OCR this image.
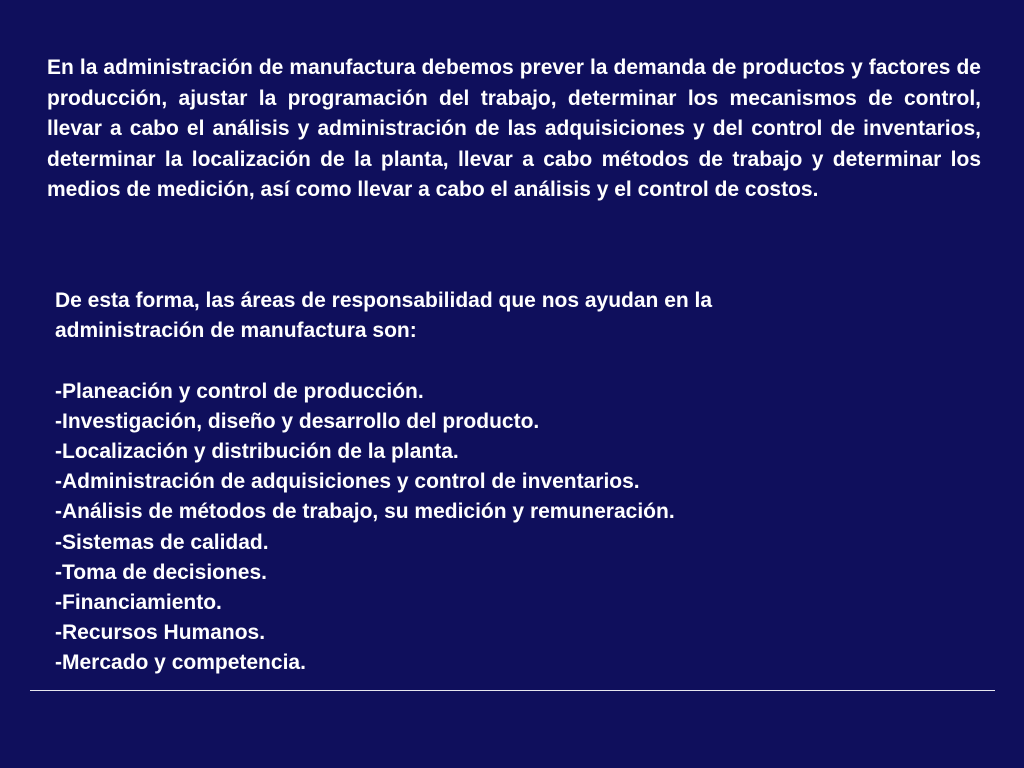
En la administración de manufactura debemos prever la demanda de productos y factores de producción, ajustar la programación del trabajo, determinar los mecanismos de control, llevar a cabo el análisis y administración de las adquisiciones y del control de inventarios, determinar la localización de la planta, llevar a cabo métodos de trabajo y determinar los medios de medición, así como llevar a cabo el análisis y el control de costos.

De esta forma, las áreas de responsabilidad que nos ayudan en la
administración de manufactura son:

-Planeación y control de producción.
-Investigación, diseño y desarrollo del producto.
-Localización y distribución de la planta.
-Administración de adquisiciones y control de inventarios.
-Análisis de métodos de trabajo, su medición y remuneración.
-Sistemas de calidad.
-Toma de decisiones.
-Financiamiento.
-Recursos Humanos.
-Mercado y competencia.
